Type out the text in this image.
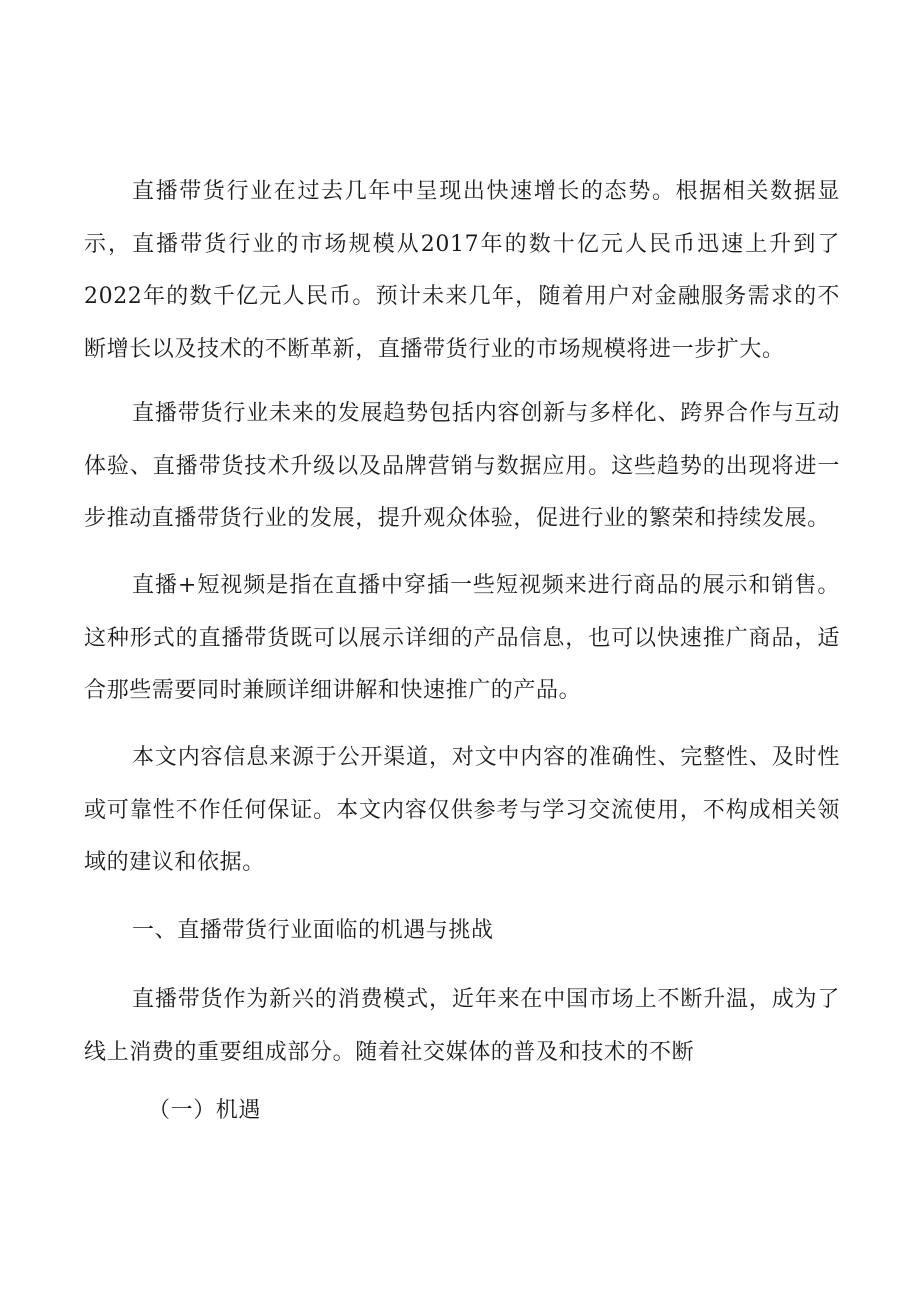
直播带货行业在过去几年中呈现出快速增长的态势。根据相关数据显示，直播带货行业的市场规模从2017年的数十亿元人民币迅速上升到了2022年的数千亿元人民币。预计未来几年，随着用户对金融服务需求的不断增长以及技术的不断革新，直播带货行业的市场规模将进一步扩大。

直播带货行业未来的发展趋势包括内容创新与多样化、跨界合作与互动体验、直播带货技术升级以及品牌营销与数据应用。这些趋势的出现将进一步推动直播带货行业的发展，提升观众体验，促进行业的繁荣和持续发展。

直播+短视频是指在直播中穿插一些短视频来进行商品的展示和销售。这种形式的直播带货既可以展示详细的产品信息，也可以快速推广商品，适合那些需要同时兼顾详细讲解和快速推广的产品。

本文内容信息来源于公开渠道，对文中内容的准确性、完整性、及时性或可靠性不作任何保证。本文内容仅供参考与学习交流使用，不构成相关领域的建议和依据。

一、直播带货行业面临的机遇与挑战

直播带货作为新兴的消费模式，近年来在中国市场上不断升温，成为了线上消费的重要组成部分。随着社交媒体的普及和技术的不断

（一）机遇
